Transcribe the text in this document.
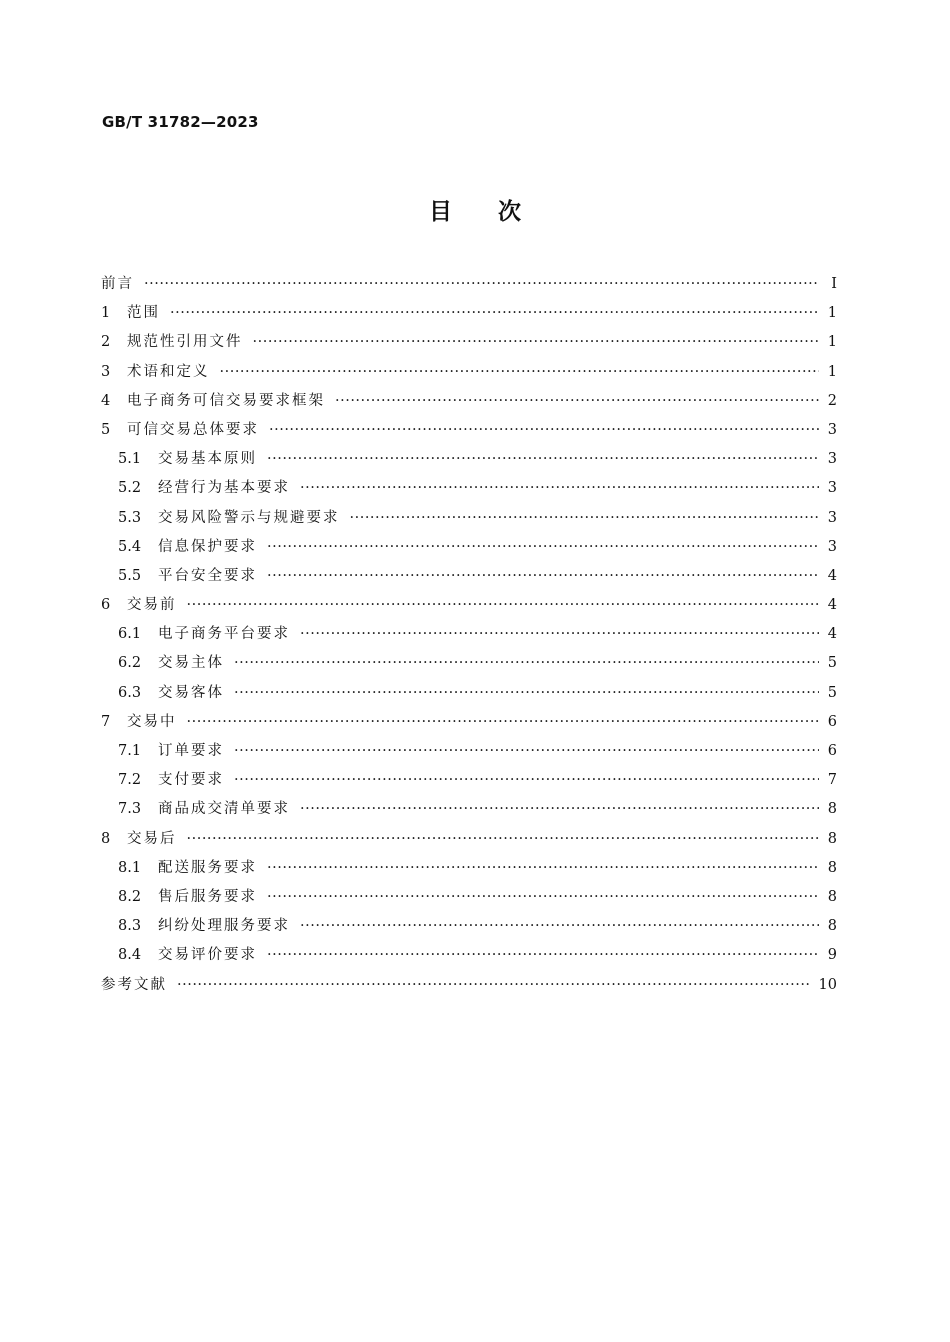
GB/T 31782—2023
目次
前言 ·····	Ⅰ
1	范围 ·····	1
2	规范性引用文件 ·····	1
3	术语和定义 ·····	1
4	电子商务可信交易要求框架 ·····	2
5	可信交易总体要求 ·····	3
5.1	交易基本原则 ·····	3
5.2	经营行为基本要求 ·····	3
5.3	交易风险警示与规避要求 ·····	3
5.4	信息保护要求 ·····	3
5.5	平台安全要求 ·····	4
6	交易前 ·····	4
6.1	电子商务平台要求 ·····	4
6.2	交易主体 ·····	5
6.3	交易客体 ·····	5
7	交易中 ·····	6
7.1	订单要求 ·····	6
7.2	支付要求 ·····	7
7.3	商品成交清单要求 ·····	8
8	交易后 ·····	8
8.1	配送服务要求 ·····	8
8.2	售后服务要求 ·····	8
8.3	纠纷处理服务要求 ·····	8
8.4	交易评价要求 ·····	9
参考文献 ·····	10
